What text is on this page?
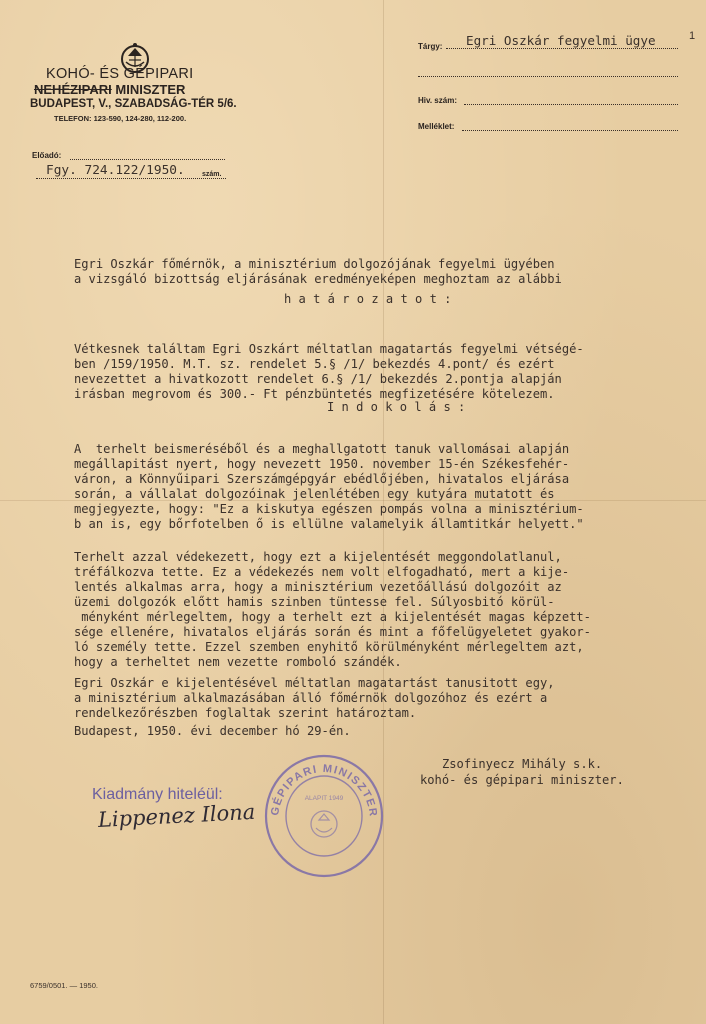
1
KOHÓ- ÉS GÉPIPARI
NEHÉZIPARI MINISZTER
BUDAPEST, V., SZABADSÁG-TÉR 5/6.
TELEFON: 123-590, 124-280, 112-200.
Előadó:
Fgy. 724.122/1950. szám.
Tárgy: Egri Oszkár fegyelmi ügye
Hiv. szám:
Melléklet:

Egri Oszkár főmérnök, a minisztérium dolgozójának fegyelmi ügyében
a vizsgáló bizottság eljárásának eredményeképen meghoztam az alábbi
h a t á r o z a t o t :

Vétkesnek találtam Egri Oszkárt méltatlan magatartás fegyelmi vétségé-
ben /159/1950. M.T. sz. rendelet 5.§ /1/ bekezdés 4.pont/ és ezért
nevezettet a hivatkozott rendelet 6.§ /1/ bekezdés 2.pontja alapján
irásban megrovom és 300.- Ft pénzbüntetés megfizetésére kötelezem.
I n d o k o l á s :

A  terhelt beismeréséből és a meghallgatott tanuk vallomásai alapján
megállapitást nyert, hogy nevezett 1950. november 15-én Székesfehér-
váron, a Könnyűipari Szerszámgépgyár ebédlőjében, hivatalos eljárása
során, a vállalat dolgozóinak jelenlétében egy kutyára mutatott és
megjegyezte, hogy: "Ez a kiskutya egészen pompás volna a minisztérium-
b an is, egy bőrfotelben ő is ellülne valamelyik államtitkár helyett."

Terhelt azzal védekezett, hogy ezt a kijelentését meggondolatlanul,
tréfálkozva tette. Ez a védekezés nem volt elfogadható, mert a kije-
lentés alkalmas arra, hogy a minisztérium vezetőállású dolgozóit az
üzemi dolgozók előtt hamis szinben tüntesse fel. Súlyosbitó körül-
ményként mérlegeltem, hogy a terhelt ezt a kijelentését magas képzett-
sége ellenére, hivatalos eljárás során és mint a főfelügyeletet gyakor-
ló személy tette. Ezzel szemben enyhitő körülményként mérlegeltem azt,
hogy a terheltet nem vezette romboló szándék.

Egri Oszkár e kijelentésével méltatlan magatartást tanusitott egy,
a minisztérium alkalmazásában álló főmérnök dolgozóhoz és ezért a
rendelkezőrészben foglaltak szerint határoztam.
Budapest, 1950. évi december hó 29-én.
Zsofinyecz Mihály s.k.
kohó- és gépipari miniszter.
Kiadmány hiteléül:
Lippenez Ilona GÉPIPARI MINISZTER
ALAPIT 1949
6759/0501. — 1950.
